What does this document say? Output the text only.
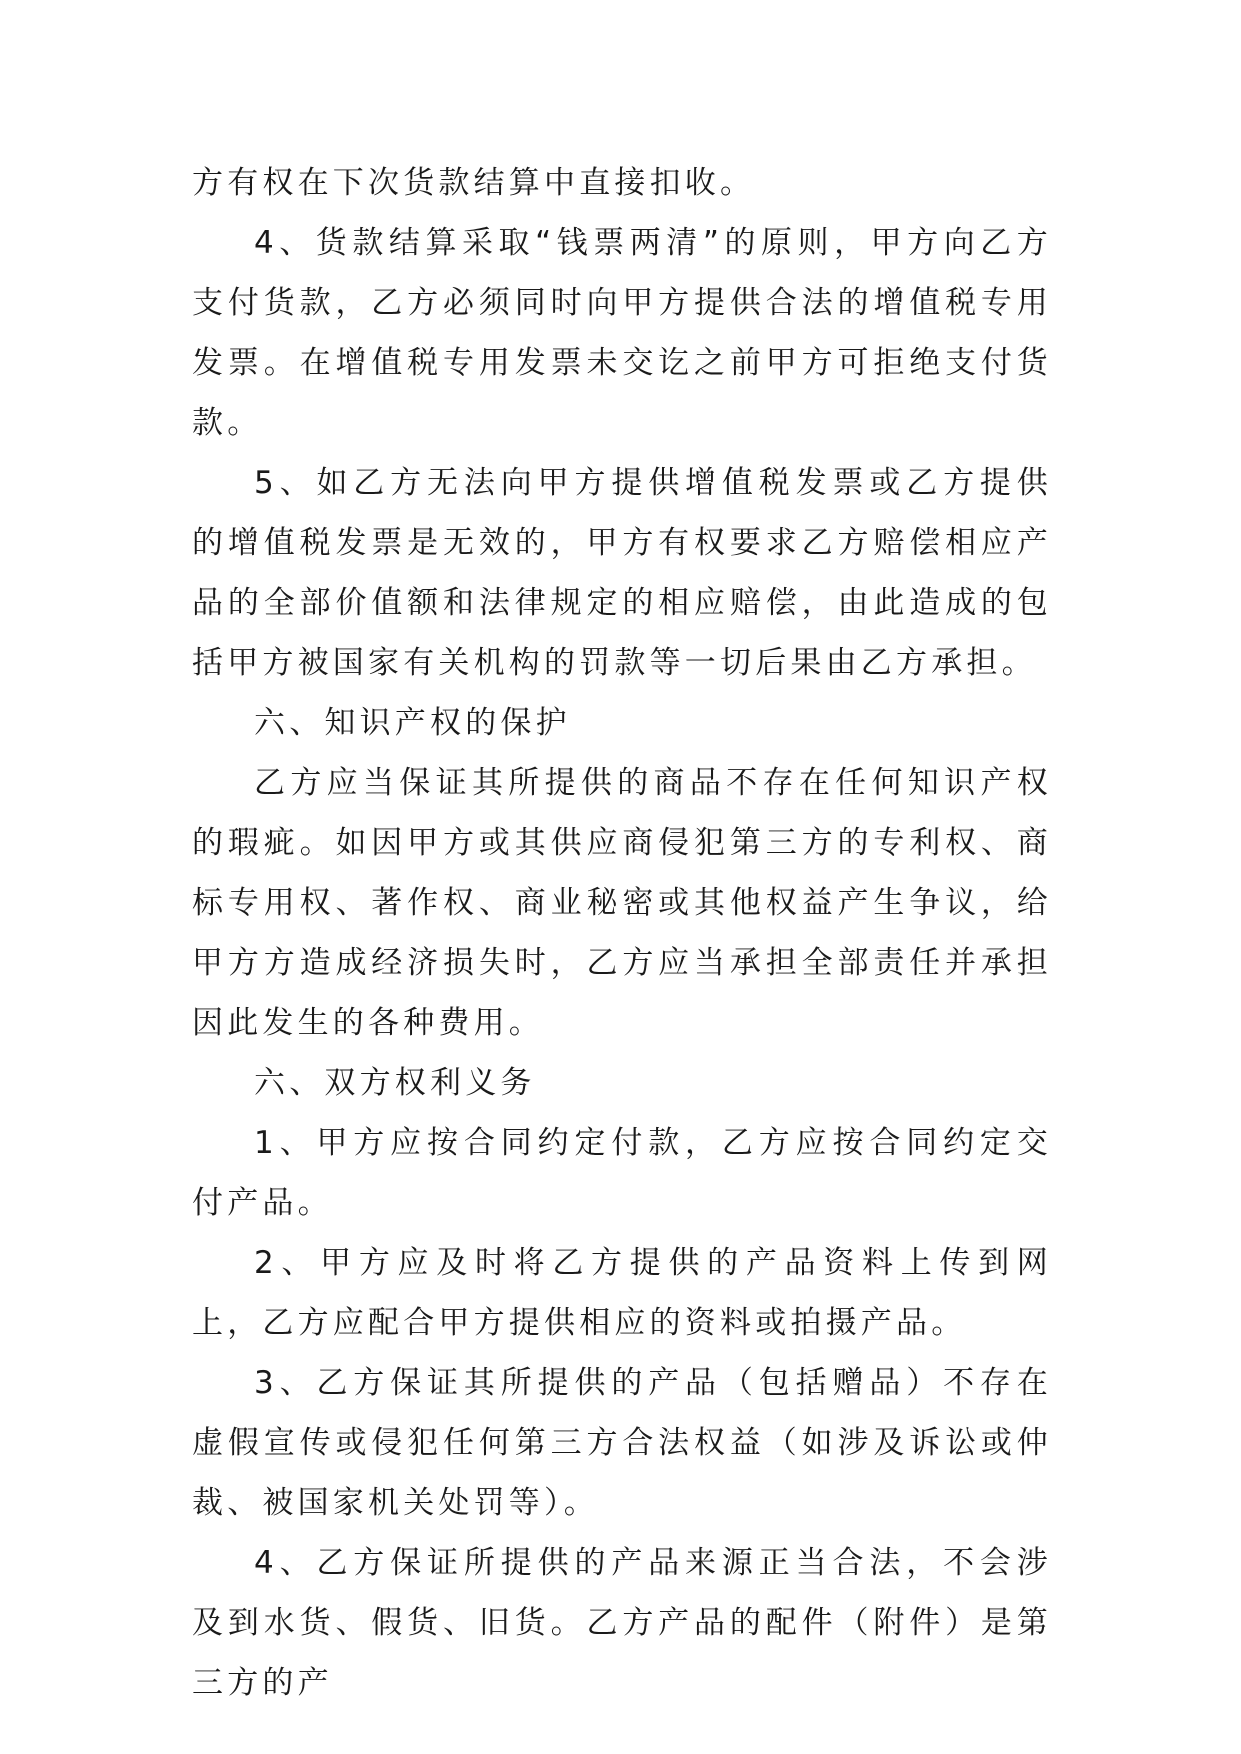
方有权在下次货款结算中直接扣收。

4、货款结算采取“钱票两清”的原则，甲方向乙方支付货款，乙方必须同时向甲方提供合法的增值税专用发票。在增值税专用发票未交讫之前甲方可拒绝支付货款。

5、如乙方无法向甲方提供增值税发票或乙方提供的增值税发票是无效的，甲方有权要求乙方赔偿相应产品的全部价值额和法律规定的相应赔偿，由此造成的包括甲方被国家有关机构的罚款等一切后果由乙方承担。

六、知识产权的保护

乙方应当保证其所提供的商品不存在任何知识产权的瑕疵。如因甲方或其供应商侵犯第三方的专利权、商标专用权、著作权、商业秘密或其他权益产生争议，给甲方方造成经济损失时，乙方应当承担全部责任并承担因此发生的各种费用。

六、双方权利义务

1、甲方应按合同约定付款，乙方应按合同约定交付产品。

2、甲方应及时将乙方提供的产品资料上传到网上，乙方应配合甲方提供相应的资料或拍摄产品。

3、乙方保证其所提供的产品（包括赠品）不存在虚假宣传或侵犯任何第三方合法权益（如涉及诉讼或仲裁、被国家机关处罚等）。

4、乙方保证所提供的产品来源正当合法，不会涉及到水货、假货、旧货。乙方产品的配件（附件）是第三方的产
